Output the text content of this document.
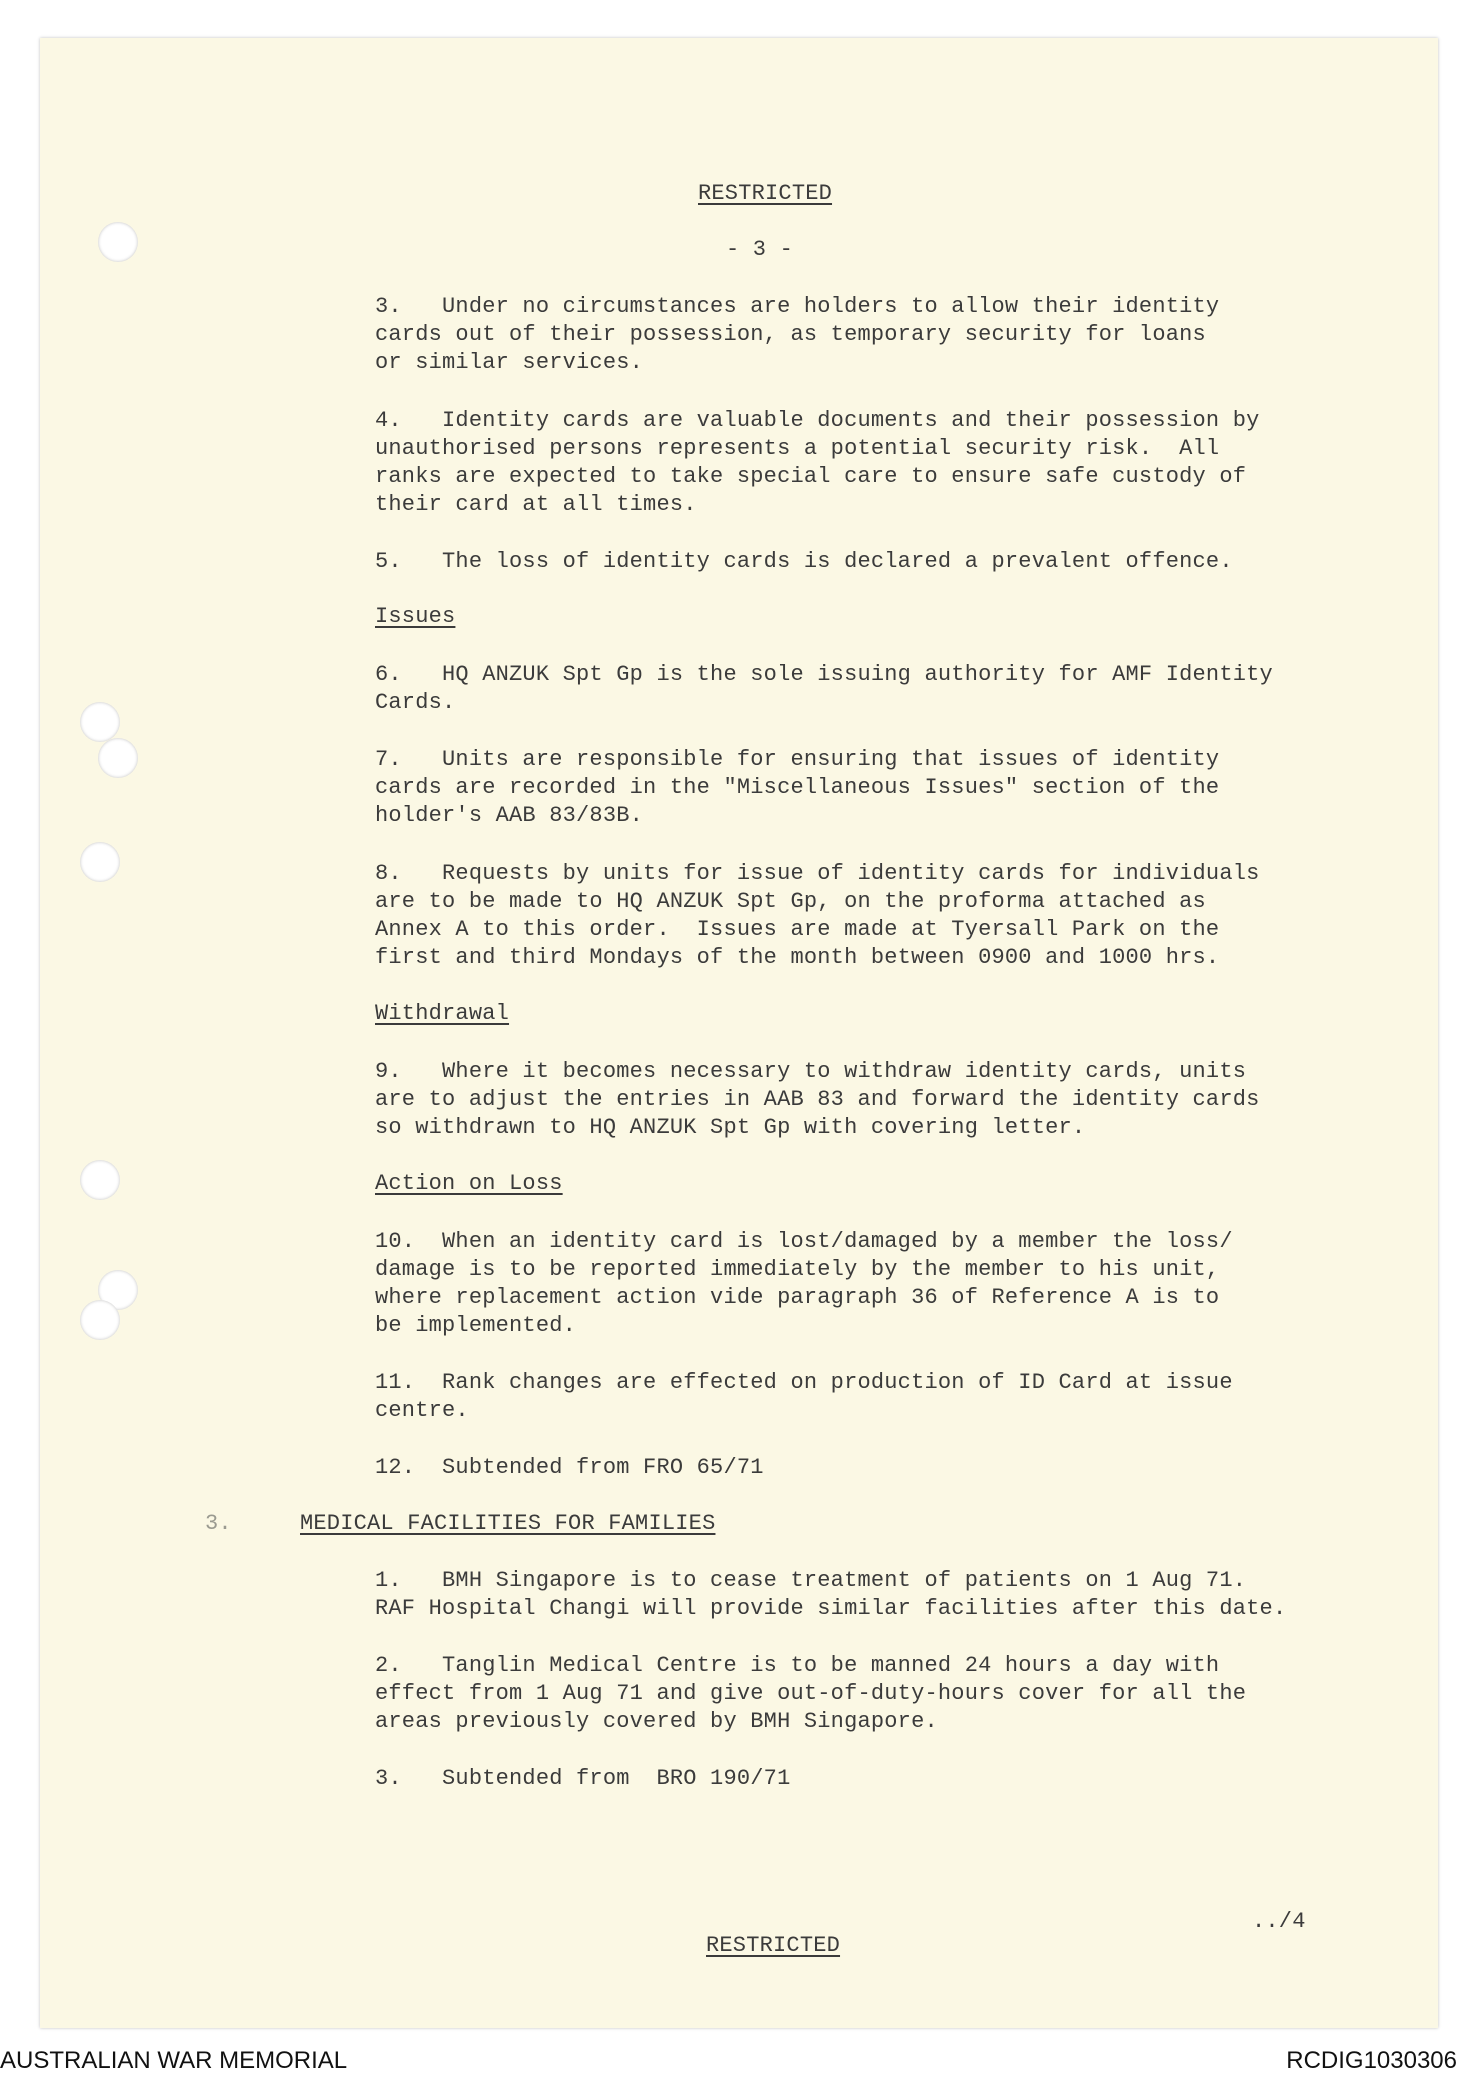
RESTRICTED
- 3 -
3.   Under no circumstances are holders to allow their identity
cards out of their possession, as temporary security for loans
or similar services.
4.   Identity cards are valuable documents and their possession by
unauthorised persons represents a potential security risk.  All
ranks are expected to take special care to ensure safe custody of
their card at all times.
5.   The loss of identity cards is declared a prevalent offence.
Issues
6.   HQ ANZUK Spt Gp is the sole issuing authority for AMF Identity
Cards.
7.   Units are responsible for ensuring that issues of identity
cards are recorded in the "Miscellaneous Issues" section of the
holder's AAB 83/83B.
8.   Requests by units for issue of identity cards for individuals
are to be made to HQ ANZUK Spt Gp, on the proforma attached as
Annex A to this order.  Issues are made at Tyersall Park on the
first and third Mondays of the month between 0900 and 1000 hrs.
Withdrawal
9.   Where it becomes necessary to withdraw identity cards, units
are to adjust the entries in AAB 83 and forward the identity cards
so withdrawn to HQ ANZUK Spt Gp with covering letter.
Action on Loss
10.  When an identity card is lost/damaged by a member the loss/
damage is to be reported immediately by the member to his unit,
where replacement action vide paragraph 36 of Reference A is to
be implemented.
11.  Rank changes are effected on production of ID Card at issue
centre.
12.  Subtended from FRO 65/71
3.	MEDICAL FACILITIES FOR FAMILIES
1.   BMH Singapore is to cease treatment of patients on 1 Aug 71.
RAF Hospital Changi will provide similar facilities after this date.
2.   Tanglin Medical Centre is to be manned 24 hours a day with
effect from 1 Aug 71 and give out-of-duty-hours cover for all the
areas previously covered by BMH Singapore.
3.   Subtended from  BRO 190/71
../4
RESTRICTED
AUSTRALIAN WAR MEMORIAL	RCDIG1030306
